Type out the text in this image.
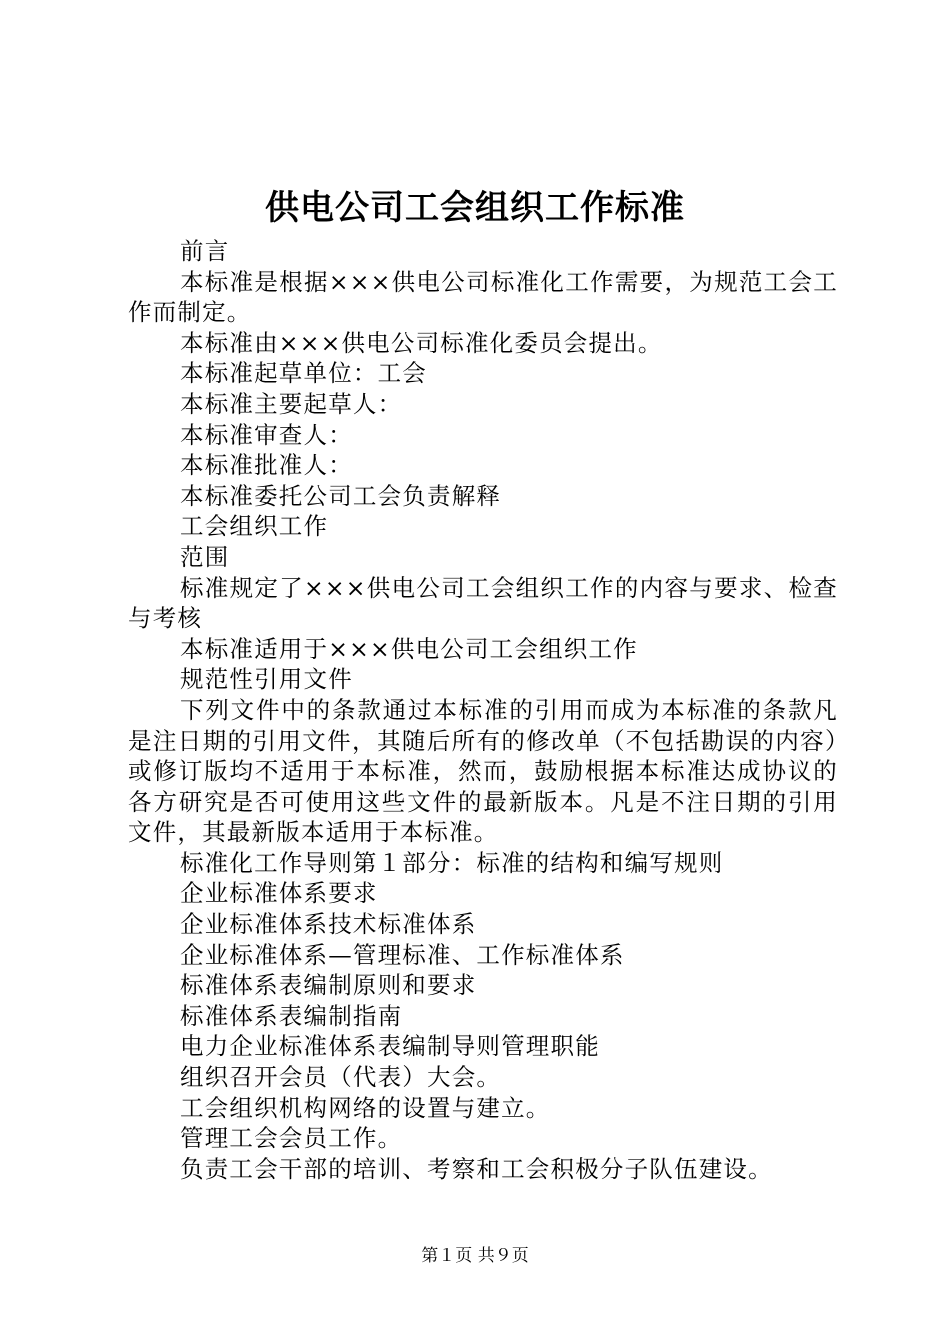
供电公司工会组织工作标准

前言

本标准是根据×××供电公司标准化工作需要，为规范工会工作而制定。

本标准由×××供电公司标准化委员会提出。

本标准起草单位：工会

本标准主要起草人：

本标准审查人：

本标准批准人：

本标准委托公司工会负责解释

工会组织工作

范围

标准规定了×××供电公司工会组织工作的内容与要求、检查与考核

本标准适用于×××供电公司工会组织工作

规范性引用文件

下列文件中的条款通过本标准的引用而成为本标准的条款凡是注日期的引用文件，其随后所有的修改单（不包括勘误的内容）或修订版均不适用于本标准，然而，鼓励根据本标准达成协议的各方研究是否可使用这些文件的最新版本。凡是不注日期的引用文件，其最新版本适用于本标准。

标准化工作导则第１部分：标准的结构和编写规则

企业标准体系要求

企业标准体系技术标准体系

企业标准体系—管理标准、工作标准体系

标准体系表编制原则和要求

标准体系表编制指南

电力企业标准体系表编制导则管理职能

组织召开会员（代表）大会。

工会组织机构网络的设置与建立。

管理工会会员工作。

负责工会干部的培训、考察和工会积极分子队伍建设。

第１页 共９页
